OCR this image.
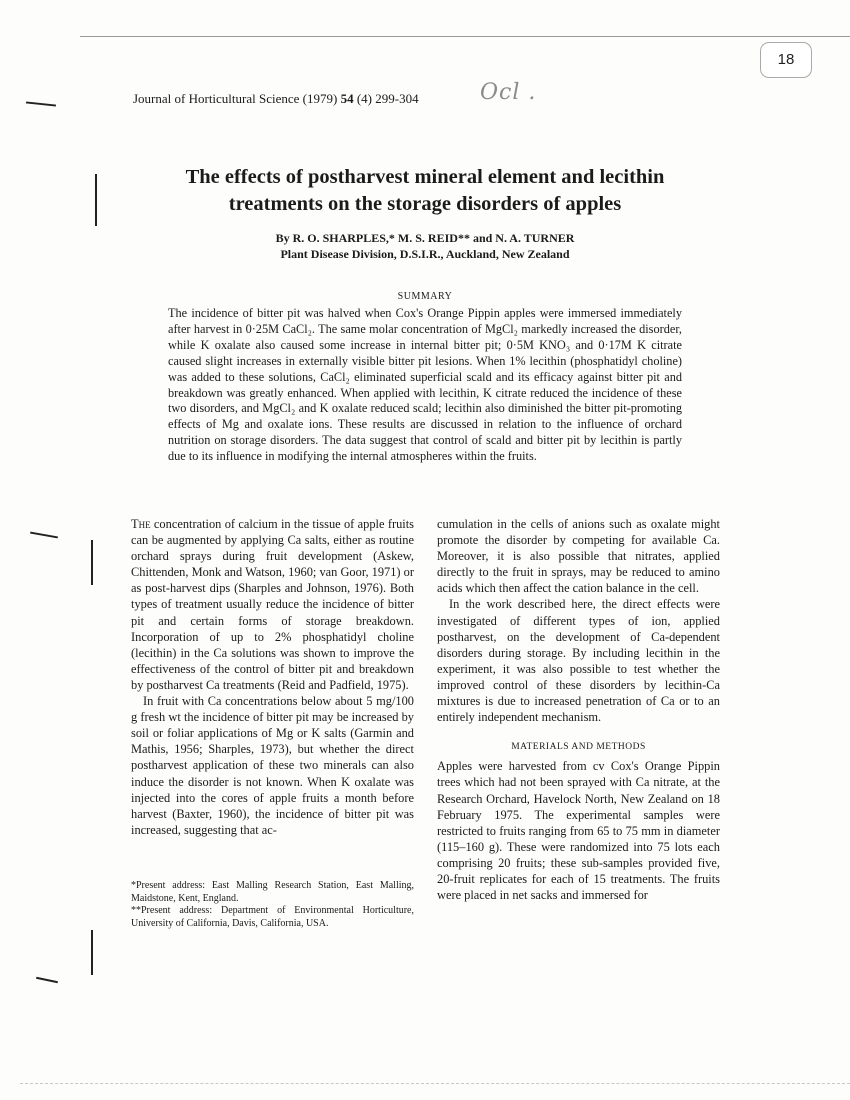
18
Journal of Horticultural Science (1979) 54 (4) 299-304	Ocl .
The effects of postharvest mineral element and lecithin
treatments on the storage disorders of apples
By R. O. SHARPLES,* M. S. REID** and N. A. TURNER
Plant Disease Division, D.S.I.R., Auckland, New Zealand
SUMMARY
The incidence of bitter pit was halved when Cox's Orange Pippin apples were immersed immediately after harvest in 0·25M CaCl₂. The same molar concentration of MgCl₂ markedly increased the disorder, while K oxalate also caused some increase in internal bitter pit; 0·5M KNO₃ and 0·17M K citrate caused slight increases in externally visible bitter pit lesions. When 1% lecithin (phosphatidyl choline) was added to these solutions, CaCl₂ eliminated superficial scald and its efficacy against bitter pit and breakdown was greatly enhanced. When applied with lecithin, K citrate reduced the incidence of these two disorders, and MgCl₂ and K oxalate reduced scald; lecithin also diminished the bitter pit-promoting effects of Mg and oxalate ions. These results are discussed in relation to the influence of orchard nutrition on storage disorders. The data suggest that control of scald and bitter pit by lecithin is partly due to its influence in modifying the internal atmospheres within the fruits.

The concentration of calcium in the tissue of apple fruits can be augmented by applying Ca salts, either as routine orchard sprays during fruit development (Askew, Chittenden, Monk and Watson, 1960; van Goor, 1971) or as post-harvest dips (Sharples and Johnson, 1976). Both types of treatment usually reduce the incidence of bitter pit and certain forms of storage breakdown. Incorporation of up to 2% phosphatidyl choline (lecithin) in the Ca solutions was shown to improve the effectiveness of the control of bitter pit and breakdown by postharvest Ca treatments (Reid and Padfield, 1975).

In fruit with Ca concentrations below about 5 mg/100 g fresh wt the incidence of bitter pit may be increased by soil or foliar applications of Mg or K salts (Garmin and Mathis, 1956; Sharples, 1973), but whether the direct postharvest application of these two minerals can also induce the disorder is not known. When K oxalate was injected into the cores of apple fruits a month before harvest (Baxter, 1960), the incidence of bitter pit was increased, suggesting that ac-

cumulation in the cells of anions such as oxalate might promote the disorder by competing for available Ca. Moreover, it is also possible that nitrates, applied directly to the fruit in sprays, may be reduced to amino acids which then affect the cation balance in the cell.

In the work described here, the direct effects were investigated of different types of ion, applied postharvest, on the development of Ca-dependent disorders during storage. By including lecithin in the experiment, it was also possible to test whether the improved control of these disorders by lecithin-Ca mixtures is due to increased penetration of Ca or to an entirely independent mechanism.

MATERIALS AND METHODS

Apples were harvested from cv Cox's Orange Pippin trees which had not been sprayed with Ca nitrate, at the Research Orchard, Havelock North, New Zealand on 18 February 1975. The experimental samples were restricted to fruits ranging from 65 to 75 mm in diameter (115–160 g). These were randomized into 75 lots each comprising 20 fruits; these sub-samples provided five, 20-fruit replicates for each of 15 treatments. The fruits were placed in net sacks and immersed for

*Present address: East Malling Research Station, East Malling, Maidstone, Kent, England.

**Present address: Department of Environmental Horticulture, University of California, Davis, California, USA.
